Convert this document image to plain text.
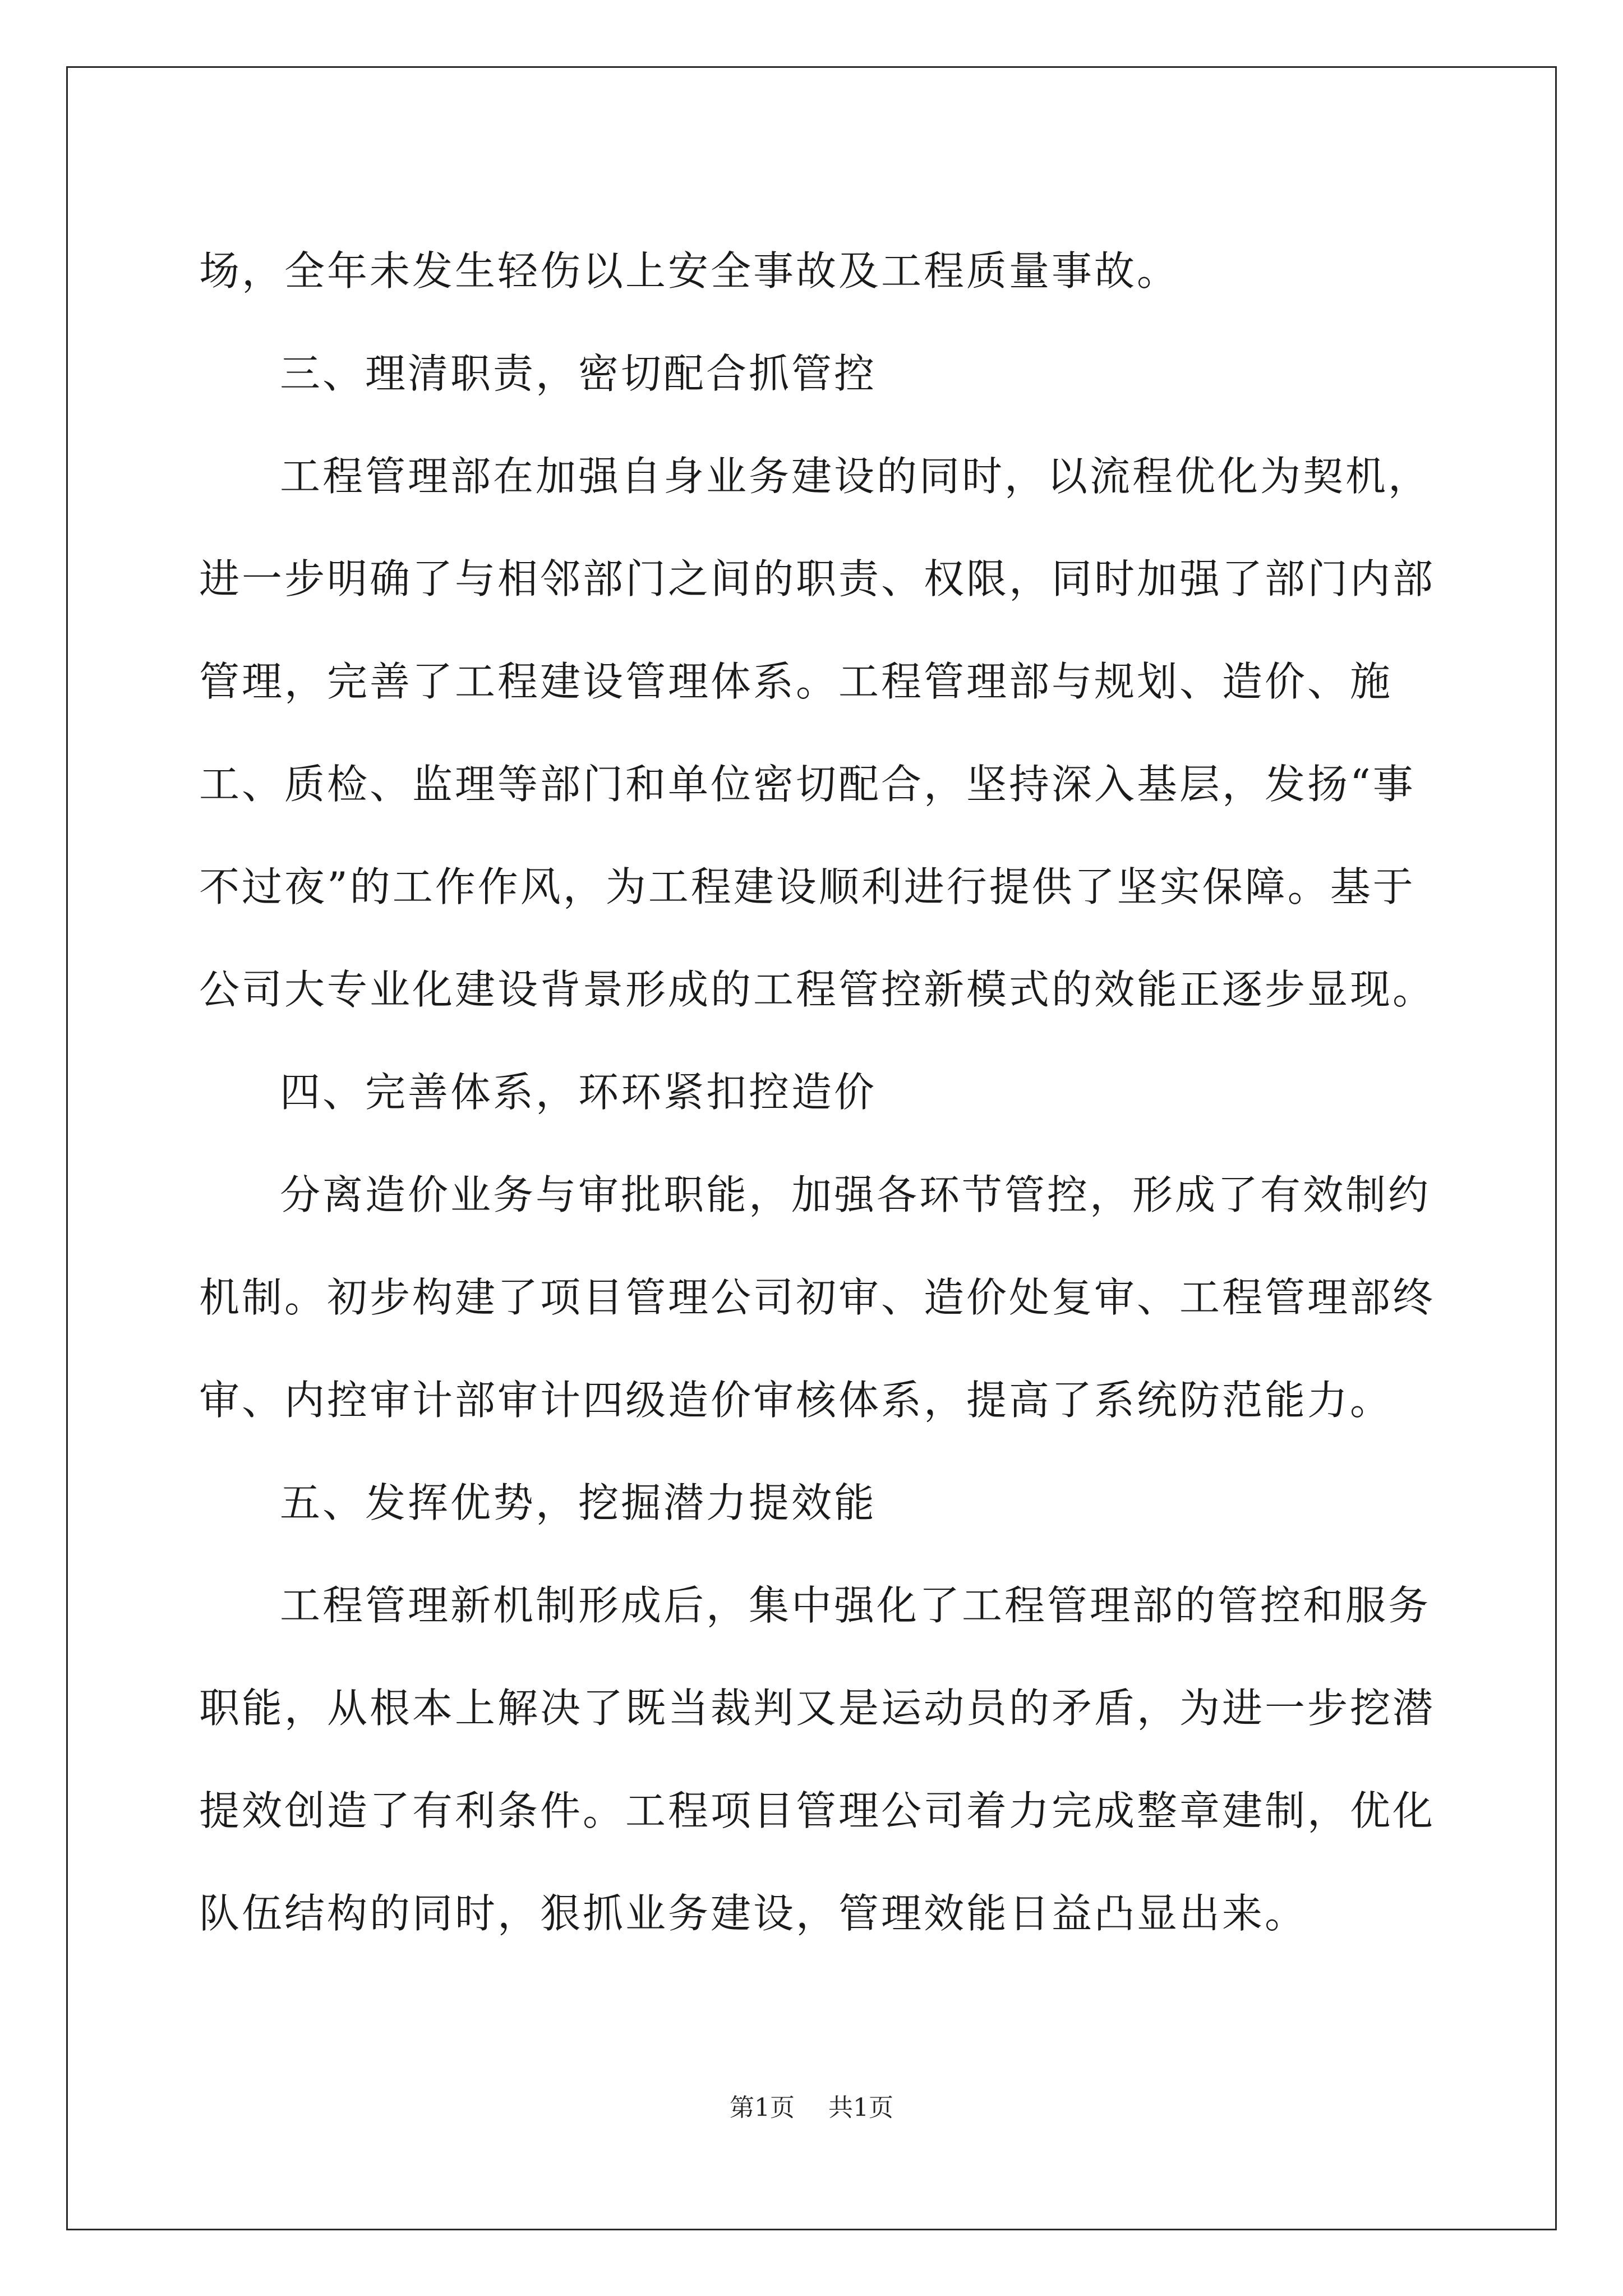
场，全年未发生轻伤以上安全事故及工程质量事故。

三、理清职责，密切配合抓管控

工程管理部在加强自身业务建设的同时，以流程优化为契机，进一步明确了与相邻部门之间的职责、权限，同时加强了部门内部管理，完善了工程建设管理体系。工程管理部与规划、造价、施工、质检、监理等部门和单位密切配合，坚持深入基层，发扬“事不过夜”的工作作风，为工程建设顺利进行提供了坚实保障。基于公司大专业化建设背景形成的工程管控新模式的效能正逐步显现。

四、完善体系，环环紧扣控造价

分离造价业务与审批职能，加强各环节管控，形成了有效制约机制。初步构建了项目管理公司初审、造价处复审、工程管理部终审、内控审计部审计四级造价审核体系，提高了系统防范能力。

五、发挥优势，挖掘潜力提效能

工程管理新机制形成后，集中强化了工程管理部的管控和服务职能，从根本上解决了既当裁判又是运动员的矛盾，为进一步挖潜提效创造了有利条件。工程项目管理公司着力完成整章建制，优化队伍结构的同时，狠抓业务建设，管理效能日益凸显出来。

第1页 共1页
